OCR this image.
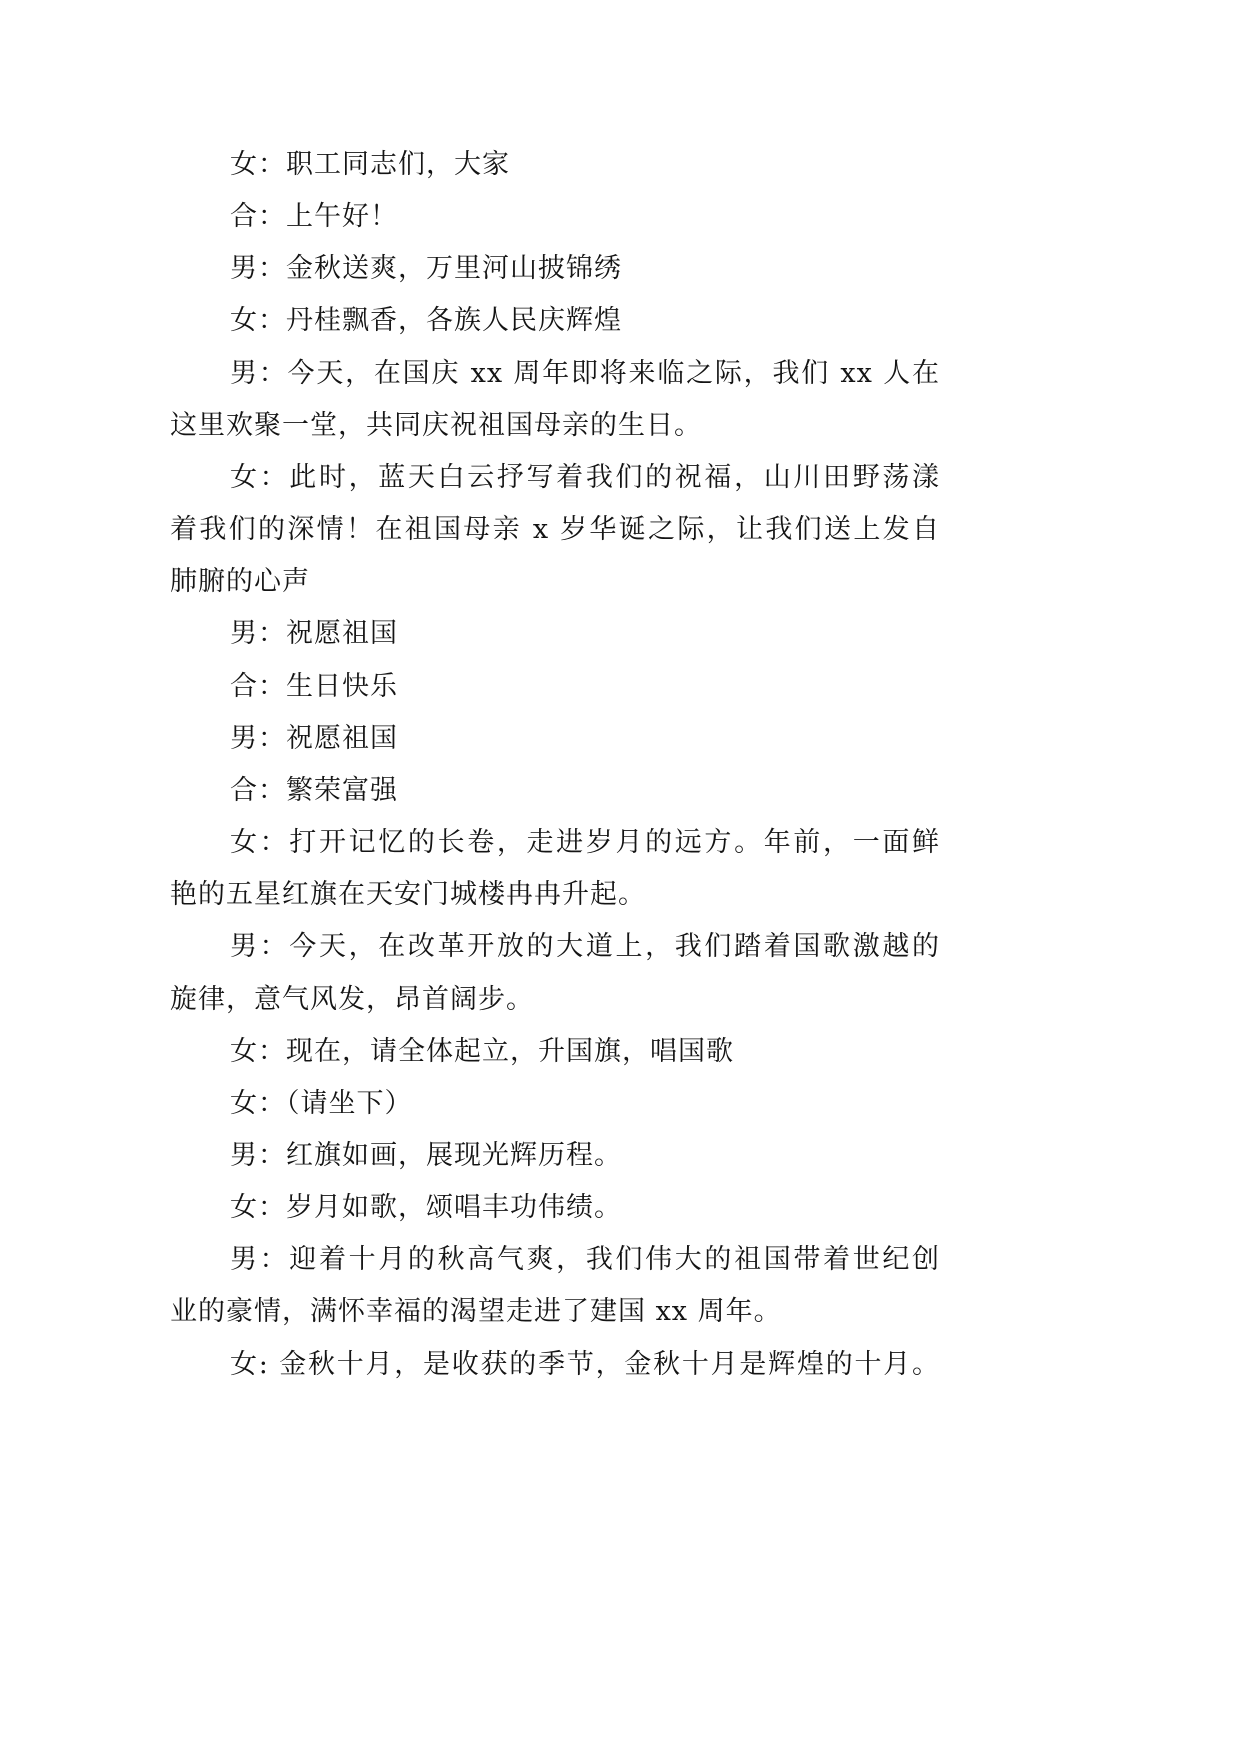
女：职工同志们，大家
合：上午好！
男：金秋送爽，万里河山披锦绣
女：丹桂飘香，各族人民庆辉煌
男：今天，在国庆 xx 周年即将来临之际，我们 xx 人在
这里欢聚一堂，共同庆祝祖国母亲的生日。
女：此时，蓝天白云抒写着我们的祝福，山川田野荡漾
着我们的深情！在祖国母亲 x 岁华诞之际，让我们送上发自
肺腑的心声
男：祝愿祖国
合：生日快乐
男：祝愿祖国
合：繁荣富强
女：打开记忆的长卷，走进岁月的远方。年前，一面鲜
艳的五星红旗在天安门城楼冉冉升起。
男：今天，在改革开放的大道上，我们踏着国歌激越的
旋律，意气风发，昂首阔步。
女：现在，请全体起立，升国旗，唱国歌
女：（请坐下）
男：红旗如画，展现光辉历程。
女：岁月如歌，颂唱丰功伟绩。
男：迎着十月的秋高气爽，我们伟大的祖国带着世纪创
业的豪情，满怀幸福的渴望走进了建国 xx 周年。
女: 金秋十月，是收获的季节，金秋十月是辉煌的十月。
